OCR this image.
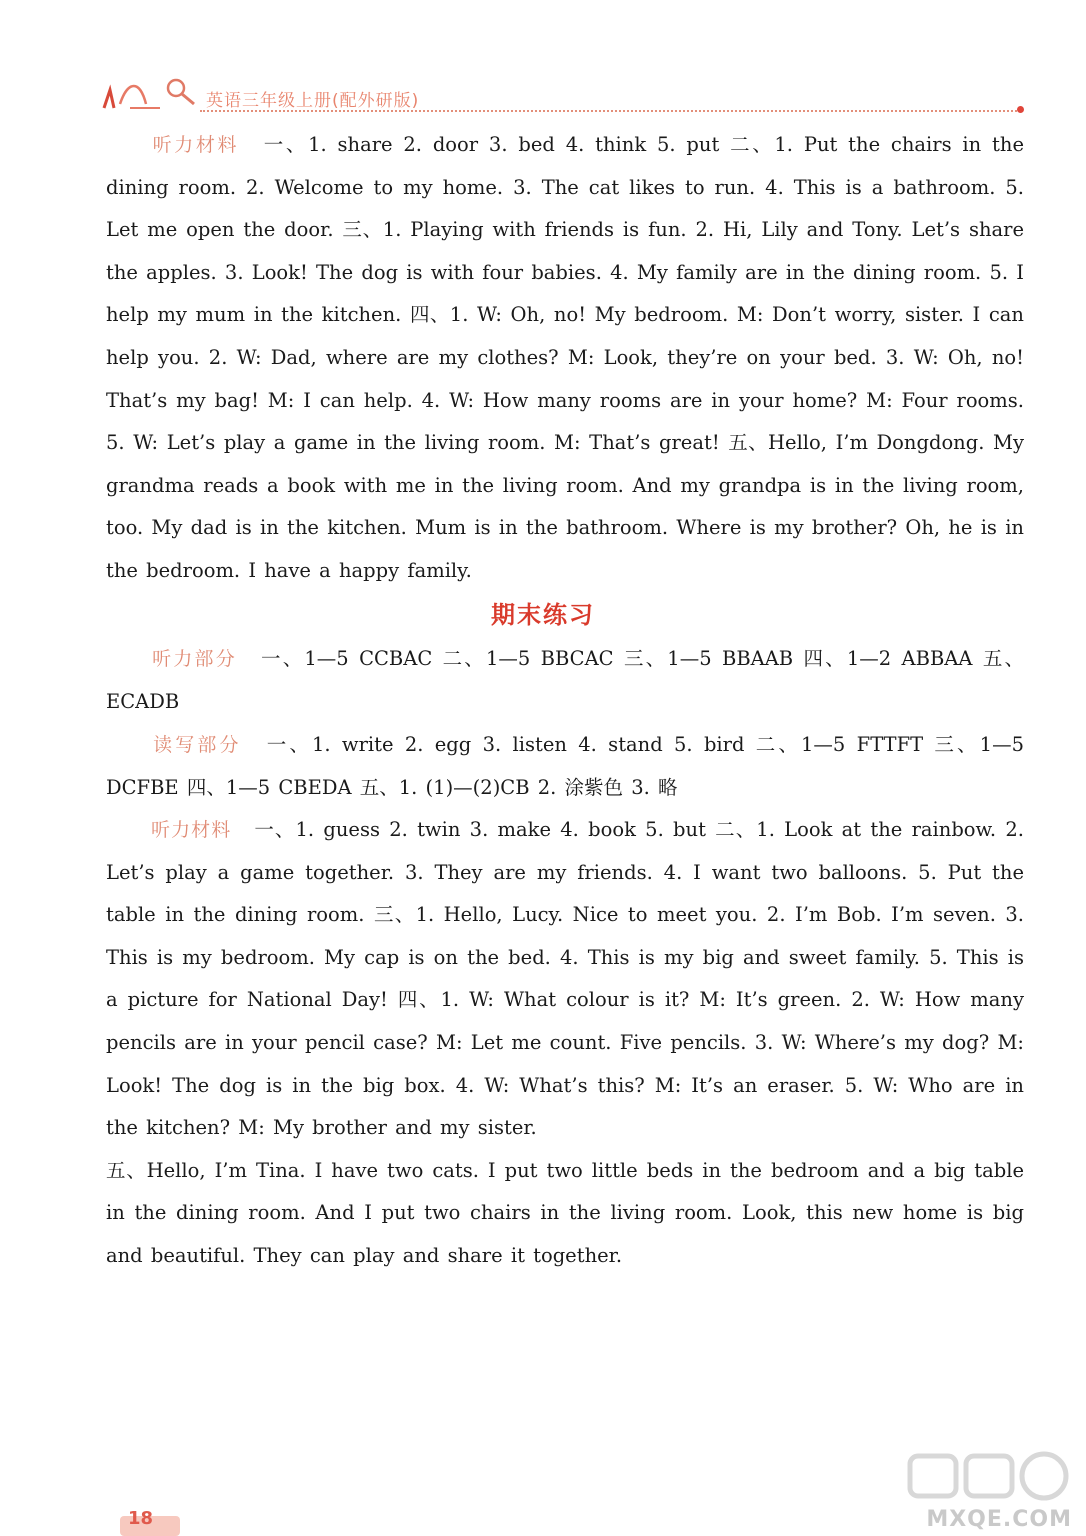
英语三年级上册(配外研版)

听力材料 一、1. share 2. door 3. bed 4. think 5. put 二、1. Put the chairs in the dining room. 2. Welcome to my home. 3. The cat likes to run. 4. This is a bathroom. 5. Let me open the door. 三、1. Playing with friends is fun. 2. Hi, Lily and Tony. Let’s share the apples. 3. Look! The dog is with four babies. 4. My family are in the dining room. 5. I help my mum in the kitchen. 四、1. W: Oh, no! My bedroom. M: Don’t worry, sister. I can help you. 2. W: Dad, where are my clothes? M: Look, they’re on your bed. 3. W: Oh, no! That’s my bag! M: I can help. 4. W: How many rooms are in your home? M: Four rooms. 5. W: Let’s play a game in the living room. M: That’s great! 五、Hello, I’m Dongdong. My grandma reads a book with me in the living room. And my grandpa is in the living room, too. My dad is in the kitchen. Mum is in the bathroom. Where is my brother? Oh, he is in the bedroom. I have a happy family.

期末练习

听力部分 一、1—5 CCBAC 二、1—5 BBCAC 三、1—5 BBAAB 四、1—2 ABBAA 五、ECADB

读写部分 一、1. write 2. egg 3. listen 4. stand 5. bird 二、1—5 FTTFT 三、1—5 DCFBE 四、1—5 CBEDA 五、1. (1)—(2)CB 2. 涂紫色 3. 略

听力材料 一、1. guess 2. twin 3. make 4. book 5. but 二、1. Look at the rainbow. 2. Let’s play a game together. 3. They are my friends. 4. I want two balloons. 5. Put the table in the dining room. 三、1. Hello, Lucy. Nice to meet you. 2. I’m Bob. I’m seven. 3. This is my bedroom. My cap is on the bed. 4. This is my big and sweet family. 5. This is a picture for National Day! 四、1. W: What colour is it? M: It’s green. 2. W: How many pencils are in your pencil case? M: Let me count. Five pencils. 3. W: Where’s my dog? M: Look! The dog is in the big box. 4. W: What’s this? M: It’s an eraser. 5. W: Who are in the kitchen? M: My brother and my sister.

五、Hello, I’m Tina. I have two cats. I put two little beds in the bedroom and a big table in the dining room. And I put two chairs in the living room. Look, this new home is big and beautiful. They can play and share it together.

18	MXQE.COM
